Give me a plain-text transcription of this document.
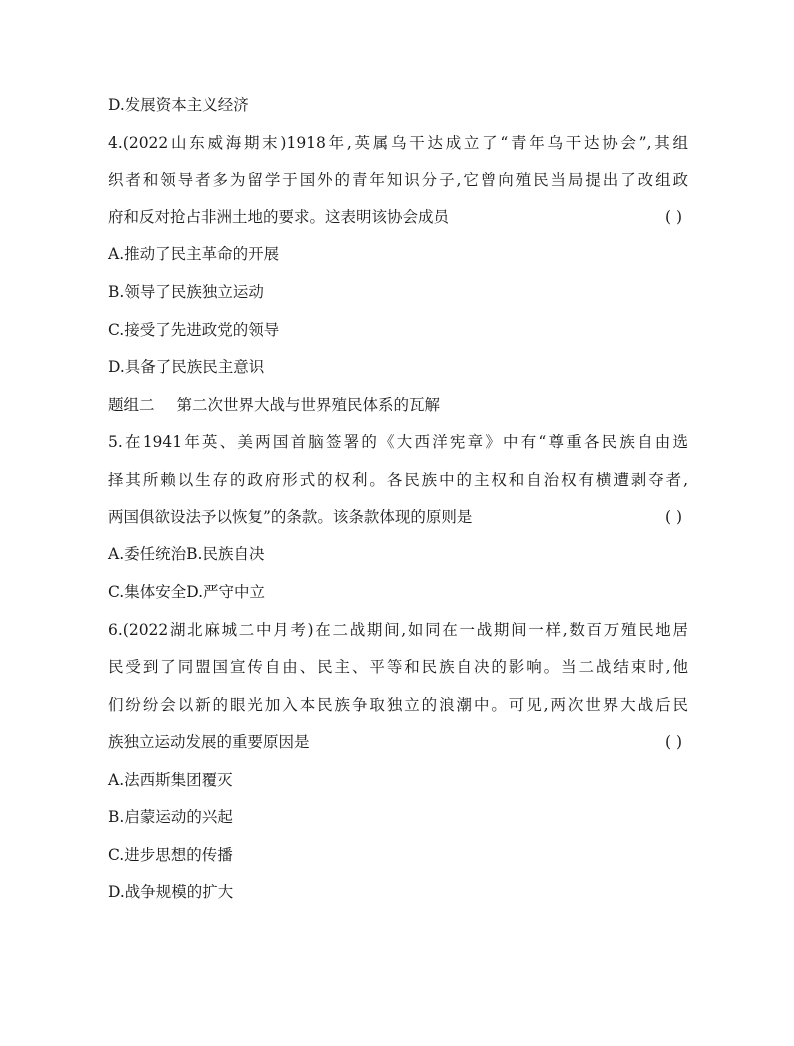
D.发展资本主义经济
4.(2022山东威海期末)1918年,英属乌干达成立了“青年乌干达协会”,其组
织者和领导者多为留学于国外的青年知识分子,它曾向殖民当局提出了改组政
府和反对抢占非洲土地的要求。这表明该协会成员	( )
A.推动了民主革命的开展
B.领导了民族独立运动
C.接受了先进政党的领导
D.具备了民族民主意识
题组二 第二次世界大战与世界殖民体系的瓦解
5.在1941年英、美两国首脑签署的《大西洋宪章》中有“尊重各民族自由选
择其所赖以生存的政府形式的权利。各民族中的主权和自治权有横遭剥夺者,
两国俱欲设法予以恢复”的条款。该条款体现的原则是	( )
A.委任统治B.民族自决
C.集体安全D.严守中立
6.(2022湖北麻城二中月考)在二战期间,如同在一战期间一样,数百万殖民地居
民受到了同盟国宣传自由、民主、平等和民族自决的影响。当二战结束时,他
们纷纷会以新的眼光加入本民族争取独立的浪潮中。可见,两次世界大战后民
族独立运动发展的重要原因是	( )
A.法西斯集团覆灭
B.启蒙运动的兴起
C.进步思想的传播
D.战争规模的扩大
